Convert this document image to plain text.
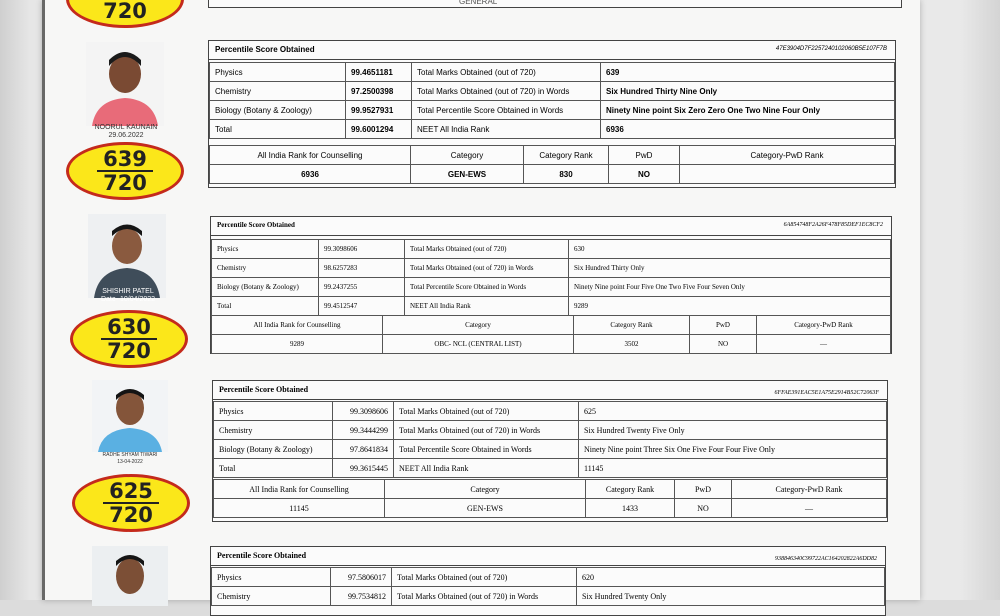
720	GENERAL
NOORUL KAUNAIN
29.06.2022
$\frac{639}{720}$
Percentile Score Obtained	47E3904D7F2257240102060B5E107F7B
Physics	99.4651181	Total Marks Obtained (out of 720)	639
Chemistry	97.2500398	Total Marks Obtained (out of 720) in Words	Six Hundred Thirty Nine Only
Biology (Botany & Zoology)	99.9527931	Total Percentile Score Obtained in Words	Ninety Nine point Six Zero Zero One Two Nine Four Only
Total	99.6001294	NEET All India Rank	6936
All India Rank for Counselling	Category	Category Rank	PwD	Category-PwD Rank
6936	GEN-EWS	830	NO	
SHISHIR PATEL
Date- 10/04/2022
$\frac{630}{720}$
Percentile Score Obtained	6A854748F2A26F478F85DEF1EC8CF2
Physics	99.3098606	Total Marks Obtained (out of 720)	630
Chemistry	98.6257283	Total Marks Obtained (out of 720) in Words	Six Hundred Thirty Only
Biology (Botany & Zoology)	99.2437255	Total Percentile Score Obtained in Words	Ninety Nine point Four Five One Two Five Four Seven Only
Total	99.4512547	NEET All India Rank	9289
All India Rank for Counselling	Category	Category Rank	PwD	Category-PwD Rank
9289	OBC- NCL (CENTRAL LIST)	3502	NO	—
RADHE SHYAM TIWARI
13-04-2022
$\frac{625}{720}$
Percentile Score Obtained	6FFAE391EAC5E1A75E2914B52C72063F
Physics	99.3098606	Total Marks Obtained (out of 720)	625
Chemistry	99.3444299	Total Marks Obtained (out of 720) in Words	Six Hundred Twenty Five Only
Biology (Botany & Zoology)	97.8641834	Total Percentile Score Obtained in Words	Ninety Nine point Three Six One Five Four Four Five Only
Total	99.3615445	NEET All India Rank	11145
All India Rank for Counselling	Category	Category Rank	PwD	Category-PwD Rank
11145	GEN-EWS	1433	NO	—
Percentile Score Obtained	938846340C99722AC164202822A6DD82
Physics	97.5806017	Total Marks Obtained (out of 720)	620
Chemistry	99.7534812	Total Marks Obtained (out of 720) in Words	Six Hundred Twenty Only
